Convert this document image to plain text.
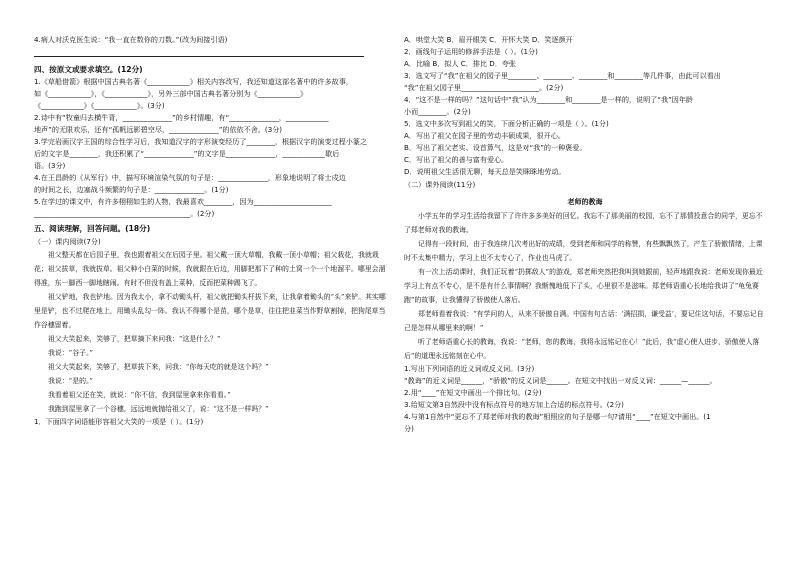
4.病人对沃克医生说：“我一直在数你的刀数。”(改为间接引语)
四、按原文或要求填空。(12分)
1.《草船借箭》根据中国古典名著《____________》相关内容改写，我还知道这部名著中的许多故事，
如《____________》，《____________》，另外三部中国古典名著分别为《____________》
《____________》《____________》。(3分)
2.诗中有“牧童归去横牛背，______________”的乡村情趣，有“______________，____________
地声”的无限欢乐，还有“孤帆远影碧空尽，______________”的依依不舍。(3分)
3.学完岩画汉字王国的综合性学习后，我知道汉字的字形演变经历了________，根据汉字的演变过程小篆之
后的文字是________，我还积累了“______________”的文字是______________，____________歇后
语。(3分)
4.在王昌龄的《从军行》中，描写环境渲染气氛的句子是：______________，形象地说明了将士戍边
的时间之长，边塞战斗频繁的句子是：______________。(1分)
5.在学过的课文中，有许多栩栩如生的人物，我最喜欢________，因为______________________
____________________________________________。(2分)
五、阅读理解，回答问题。(18分)
（一）课内阅读(7分)
祖父整天都在后园子里，我也跟着祖父在后园子里。祖父戴一顶大草帽，我戴一顶小草帽；祖父栽花，我就栽花；祖父拔草，我就拔草。祖父种小白菜的时候，我就跟在后边，用脚把那下了种的土窝一个一个地溜平。哪里会溜得准，东一脚西一脚地瞎闹。有时不但没有盖上菜种，反而把菜种踢飞了。
祖父铲地，我也铲地。因为我太小，拿不动锄头杆，祖父就把锄头杆拔下来，让我拿着锄头的“头”来铲。其实哪里是铲，也不过爬在地上，用锄头乱勾一阵。我认不得哪个是苗，哪个是草，往往把韭菜当作野草割掉，把狗尾草当作谷穗留着。
祖父大笑起来，笑够了，把草摘下来问我：“这是什么？”
我说：“谷子。”
祖父大笑起来，笑够了，把草拔下来，问我：“你每天吃的就是这个吗？”
我说：“是的。”
我看着祖父还在笑，就说：“你不信，我到屋里拿来你看看。”
我跑到屋里拿了一个谷穗，远远地就抛给祖父了，说：“这不是一样吗？”
1．下面四字词语能形容祖父大笑的一项是（ ）。(1分)
A．哄堂大笑 B．眉开眼笑 C．开怀大笑 D．笑逐颜开
2．画线句子运用的修辞手法是（ ）。(1分)
A．比喻 B．拟人 C．排比 D．夸张
3．选文写了“我”在祖父的园子里________、________、________和________等几件事，由此可以看出
“我”在祖父园子里______________________。(2分)
4．“这不是一样的吗？”这句话中“我”认为________和________是一样的，说明了“我”因年龄
小而________。(2分)
5．选文中多次写到祖父的笑，下面分析正确的一项是（ ）。(1分)
A．写出了祖父在园子里的劳动丰硕成果，很开心。
B．写出了祖父老实、设首算气，这是对“我”的一种褒爱。
C．写出了祖父的善与富有爱心。
D．说明祖父生活很无聊，每天总是笑眯眯地劳动。
（二）课外阅读(11分)
老师的教诲
小学五年的学习生活给我留下了许许多多美好的回忆。我忘不了那美丽的校园，忘不了那情投意合的同学，更忘不了郑老师对我的教诲。
记得有一段时间，由于我连续几次考出好的成绩，受到老师和同学的称赞，有些飘飘然了，产生了骄傲情绪，上课时不太集中精力，学习上也不太专心了，作业也马虎了。
有一次上活动课时，我们正玩着“扔掷敌人”的游戏，郑老师突然把我叫到她跟前，轻声地跟我说：老师发现你最近学习上有点不专心，是不是有什么事情啊？我惭愧地低下了头，心里很不是滋味。郑老师语重心长地给我讲了“龟兔赛跑”的故事，让我懂得了骄傲使人落后。
郑老师看着我说：“有学问的人，从来不骄傲自满。中国有句古话：‘满招损，谦受益’，要记住这句话，不要忘记自己是怎样从哪里来的啊！”
听了老师语重心长的教诲，我说：“老师，您的教诲，我将永远铭记在心！”此后，我“虚心使人进步，骄傲使人落后”的道理永远铭刻在心中。
1.写出下列词语的近义词或反义词。(3分)
“教诲”的近义词是______，“骄傲”的反义词是______。在短文中找出一对反义词：______—______。
2.用“____”在短文中画出一个排比句。(2分)
3.给短文第3自然段中没有标点符号的地方加上合适的标点符号。(2分)
4.与第1自然中“更忘不了郑老师对我的教诲”相照应的句子是哪一句?请用“____”在短文中画出。(1
分)
